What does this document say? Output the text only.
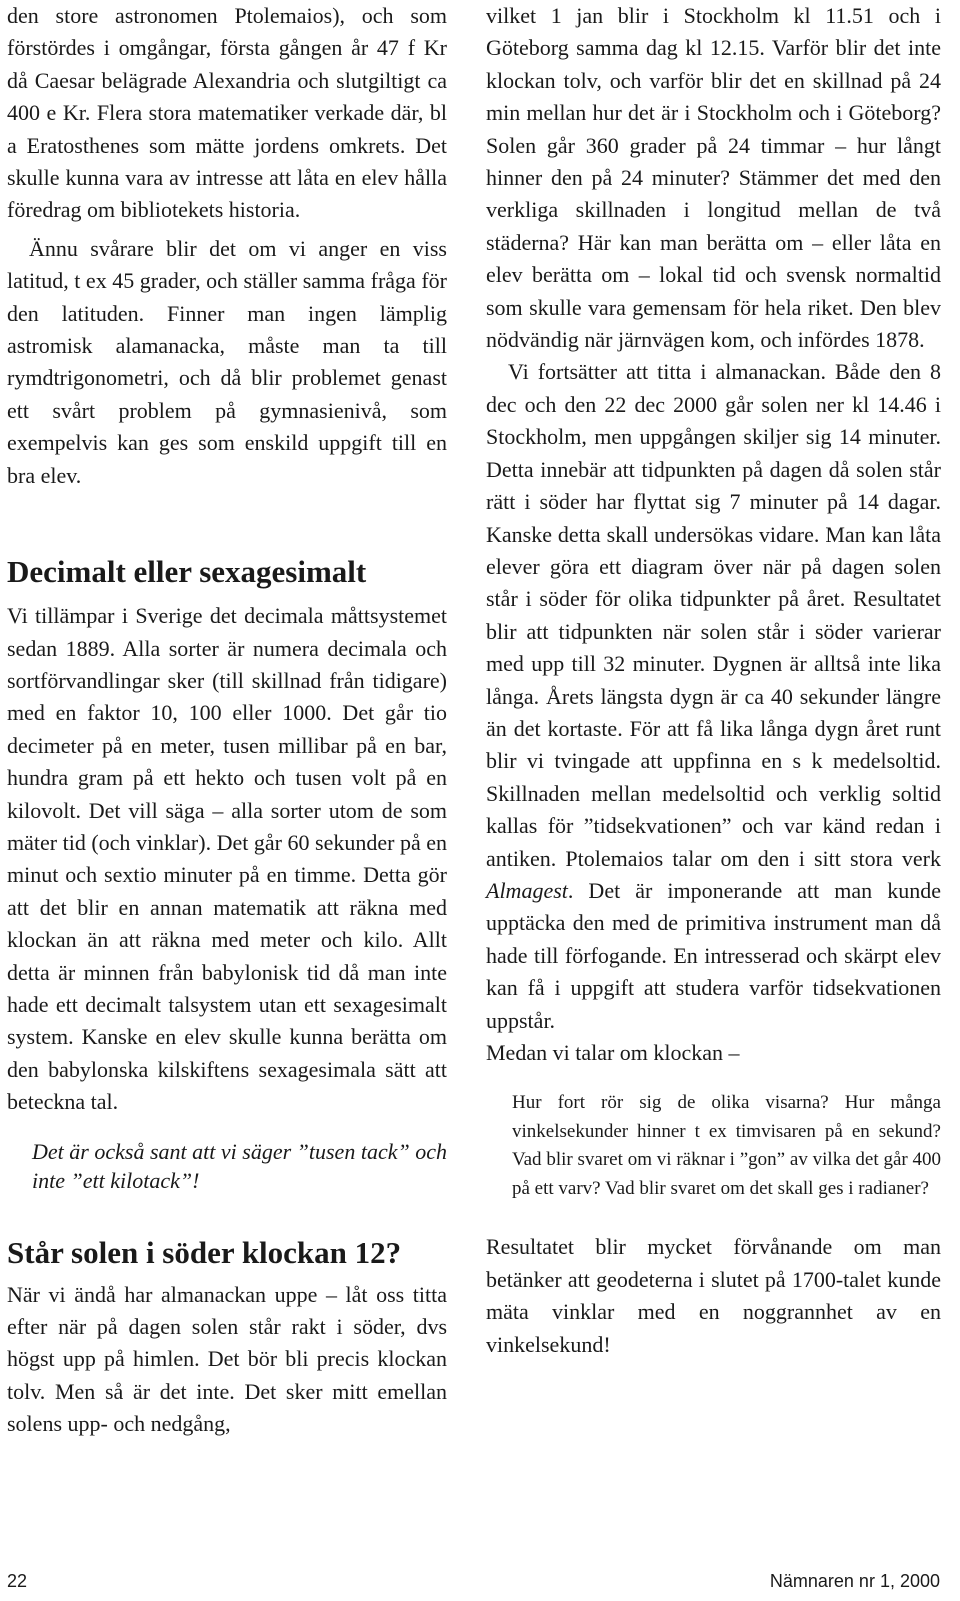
den store astronomen Ptolemaios), och som förstördes i omgångar, första gången år 47 f Kr då Caesar belägrade Alexandria och slutgiltigt ca 400 e Kr. Flera stora matematiker verkade där, bl a Eratosthenes som mätte jordens omkrets. Det skulle kunna vara av intresse att låta en elev hålla föredrag om bibliotekets historia.

Ännu svårare blir det om vi anger en viss latitud, t ex 45 grader, och ställer samma fråga för den latituden. Finner man ingen lämplig astromisk alamanacka, måste man ta till rymdtrigonometri, och då blir problemet genast ett svårt problem på gymnasienivå, som exempelvis kan ges som enskild uppgift till en bra elev.

Decimalt eller sexagesimalt

Vi tillämpar i Sverige det decimala måttsystemet sedan 1889. Alla sorter är numera decimala och sortförvandlingar sker (till skillnad från tidigare) med en faktor 10, 100 eller 1000. Det går tio decimeter på en meter, tusen millibar på en bar, hundra gram på ett hekto och tusen volt på en kilovolt. Det vill säga – alla sorter utom de som mäter tid (och vinklar). Det går 60 sekunder på en minut och sextio minuter på en timme. Detta gör att det blir en annan matematik att räkna med klockan än att räkna med meter och kilo. Allt detta är minnen från babylonisk tid då man inte hade ett decimalt talsystem utan ett sexagesimalt system. Kanske en elev skulle kunna berätta om den babylonska kilskiftens sexagesimala sätt att beteckna tal.

Det är också sant att vi säger ”tusen tack” och inte ”ett kilotack”!
Står solen i söder klockan 12?

När vi ändå har almanackan uppe – låt oss titta efter när på dagen solen står rakt i söder, dvs högst upp på himlen. Det bör bli precis klockan tolv. Men så är det inte. Det sker mitt emellan solens upp- och nedgång,

vilket 1 jan blir i Stockholm kl 11.51 och i Göteborg samma dag kl 12.15. Varför blir det inte klockan tolv, och varför blir det en skillnad på 24 min mellan hur det är i Stockholm och i Göteborg? Solen går 360 grader på 24 timmar – hur långt hinner den på 24 minuter? Stämmer det med den verkliga skillnaden i longitud mellan de två städerna? Här kan man berätta om – eller låta en elev berätta om – lokal tid och svensk normaltid som skulle vara gemensam för hela riket. Den blev nödvändig när järnvägen kom, och infördes 1878.

Vi fortsätter att titta i almanackan. Både den 8 dec och den 22 dec 2000 går solen ner kl 14.46 i Stockholm, men uppgången skiljer sig 14 minuter. Detta innebär att tidpunkten på dagen då solen står rätt i söder har flyttat sig 7 minuter på 14 dagar. Kanske detta skall undersökas vidare. Man kan låta elever göra ett diagram över när på dagen solen står i söder för olika tidpunkter på året. Resultatet blir att tidpunkten när solen står i söder varierar med upp till 32 minuter. Dygnen är alltså inte lika långa. Årets längsta dygn är ca 40 sekunder längre än det kortaste. För att få lika långa dygn året runt blir vi tvingade att uppfinna en s k medelsoltid. Skillnaden mellan medelsoltid och verklig soltid kallas för ”tidsekvationen” och var känd redan i antiken. Ptolemaios talar om den i sitt stora verk Almagest. Det är imponerande att man kunde upptäcka den med de primitiva instrument man då hade till förfogande. En intresserad och skärpt elev kan få i uppgift att studera varför tidsekvationen uppstår.

Medan vi talar om klockan –

Hur fort rör sig de olika visarna? Hur många vinkelsekunder hinner t ex timvisaren på en sekund? Vad blir svaret om vi räknar i ”gon” av vilka det går 400 på ett varv? Vad blir svaret om det skall ges i radianer?

Resultatet blir mycket förvånande om man betänker att geodeterna i slutet på 1700-talet kunde mäta vinklar med en noggrannhet av en vinkelsekund!

22	Nämnaren nr 1, 2000
